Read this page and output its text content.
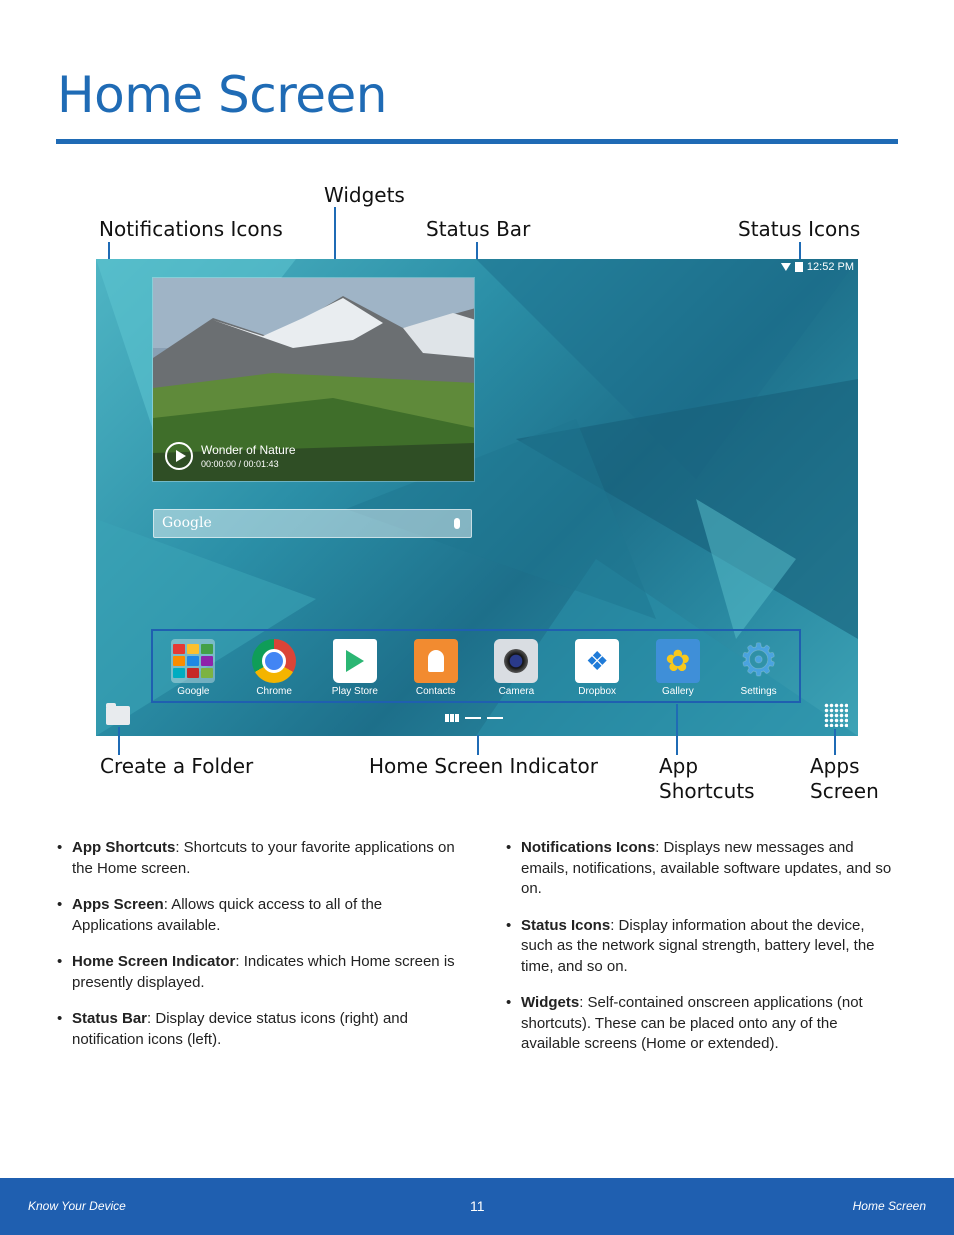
Home Screen
Widgets
Notifications Icons	Status Bar	Status Icons
12:52 PM
Wonder of Nature
00:00:00 / 00:01:43
Google
Google	Chrome	Play Store	Contacts	Camera
❖	Dropbox
✿	Gallery
⚙	Settings
Create a Folder	Home Screen Indicator	App
Shortcuts
Apps
Screen
• App Shortcuts: Shortcuts to your favorite applications on the Home screen.
• Apps Screen: Allows quick access to all of the Applications available.
• Home Screen Indicator: Indicates which Home screen is presently displayed.
• Status Bar: Display device status icons (right) and notification icons (left).
• Notifications Icons: Displays new messages and emails, notifications, available software updates, and so on.
• Status Icons: Display information about the device, such as the network signal strength, battery level, the time, and so on.
• Widgets: Self-contained onscreen applications (not shortcuts). These can be placed onto any of the available screens (Home or extended).
Know Your Device	11	Home Screen
